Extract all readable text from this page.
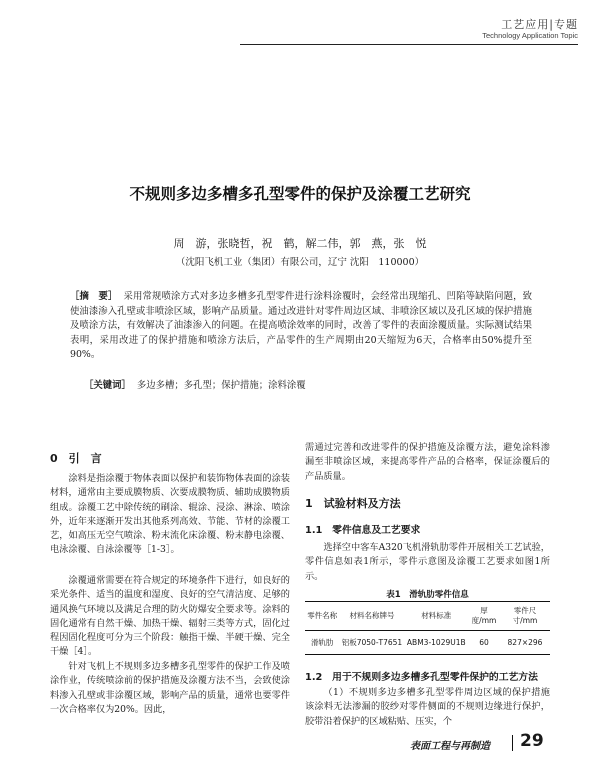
工艺应用|专题
Technology Application Topic
不规则多边多槽多孔型零件的保护及涂覆工艺研究
周　游，张晓哲，祝　鹤，解二伟，郭　燕，张　悦
（沈阳飞机工业（集团）有限公司，辽宁 沈阳　110000）
［摘　要］ 采用常规喷涂方式对多边多槽多孔型零件进行涂料涂覆时，会经常出现缩孔、凹陷等缺陷问题，致使油漆渗入孔壁或非喷涂区域，影响产品质量。通过改进针对零件周边区域、非喷涂区域以及孔区域的保护措施及喷涂方法，有效解决了油漆渗入的问题。在提高喷涂效率的同时，改善了零件的表面涂覆质量。实际测试结果表明，采用改进了的保护措施和喷涂方法后，产品零件的生产周期由20天缩短为6天，合格率由50%提升至90%。
［关键词］ 多边多槽；多孔型；保护措施；涂料涂覆
0　引　言
涂料是指涂覆于物体表面以保护和装饰物体表面的涂装材料，通常由主要成膜物质、次要成膜物质、辅助成膜物质组成。涂覆工艺中除传统的刷涂、辊涂、浸涂、淋涂、喷涂外，近年来逐渐开发出其他系列高效、节能、节材的涂覆工艺，如高压无空气喷涂、粉末流化床涂覆、粉末静电涂覆、电泳涂覆、自泳涂覆等［1-3］。
涂覆通常需要在符合规定的环境条件下进行，如良好的采光条件、适当的温度和湿度、良好的空气清洁度、足够的通风换气环境以及满足合理的防火防爆安全要求等。涂料的固化通常有自然干燥、加热干燥、辐射三类等方式，固化过程因固化程度可分为三个阶段：触指干燥、半硬干燥、完全干燥［4］。
针对飞机上不规则多边多槽多孔型零件的保护工作及喷涂作业，传统喷涂前的保护措施及涂覆方法不当，会致使涂料渗入孔壁或非涂覆区域，影响产品的质量，通常也要零件一次合格率仅为20%。因此，
需通过完善和改进零件的保护措施及涂覆方法，避免涂料渗漏至非喷涂区域，来提高零件产品的合格率，保证涂覆后的产品质量。
1　试验材料及方法
1.1　零件信息及工艺要求
选择空中客车A320飞机滑轨肋零件开展相关工艺试验，零件信息如表1所示，零件示意图及涂覆工艺要求如图1所示。
表1　滑轨肋零件信息
零件名称	材料名称牌号	材料标准	厚度/mm	零件尺寸/mm
滑轨肋	铝板7050-T7651	ABM3-1029U1B	60	827×296
1.2　用于不规则多边多槽多孔型零件保护的工艺方法
（1）不规则多边多槽多孔型零件周边区域的保护措施　该涂料无法渗漏的胶纱对零件侧面的不规则边缘进行保护，胶带沿着保护的区域粘贴、压实，个
表面工程与再制造 29
